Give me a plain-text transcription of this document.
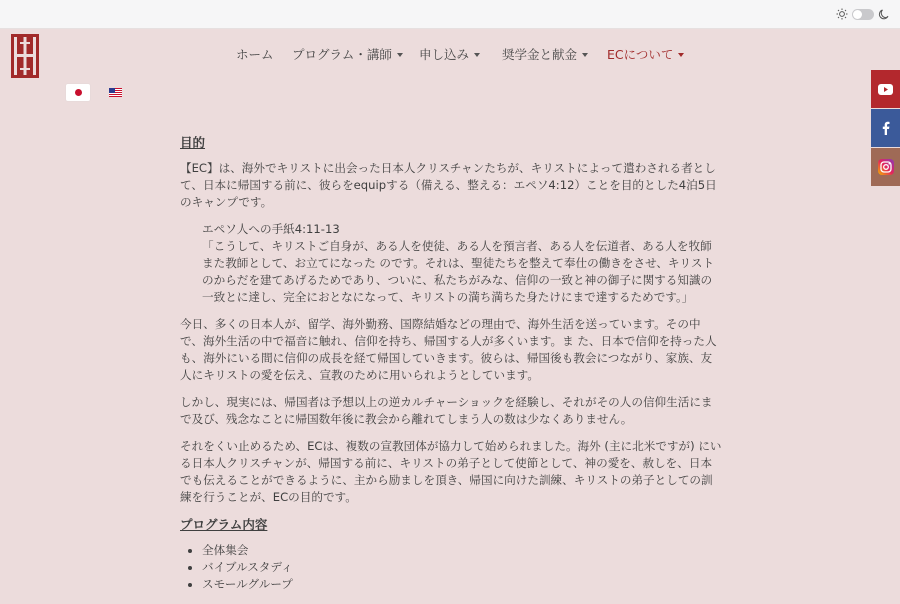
ホーム プログラム・講師	申し込み	奨学金と献金	ECについて

目的

【EC】は、海外でキリストに出会った日本人クリスチャンたちが、キリストによって遣わされる者として、日本に帰国する前に、彼らをequipする（備える、整える：エペソ4:12）ことを目的とした4泊5日のキャンプです。

エペソ人への手紙4:11-13
「こうして、キリストご自身が、ある人を使徒、ある人を預言者、ある人を伝道者、ある人を牧師また教師として、お立てになった のです。それは、聖徒たちを整えて奉仕の働きをさせ、キリストのからだを建てあげるためであり、ついに、私たちがみな、信仰の一致と神の御子に関する知識の一致とに達し、完全におとなになって、キリストの満ち満ちた身たけにまで達するためです。」

今日、多くの日本人が、留学、海外勤務、国際結婚などの理由で、海外生活を送っています。その中で、海外生活の中で福音に触れ、信仰を持ち、帰国する人が多くいます。ま た、日本で信仰を持った人も、海外にいる間に信仰の成長を経て帰国していきます。彼らは、帰国後も教会につながり、家族、友人にキリストの愛を伝え、宣教のために用いられようとしています。

しかし、現実には、帰国者は予想以上の逆カルチャーショックを経験し、それがその人の信仰生活にまで及び、残念なことに帰国数年後に教会から離れてしまう人の数は少なくありません。

それをくい止めるため、ECは、複数の宣教団体が協力して始められました。海外 (主に北米ですが) にいる日本人クリスチャンが、帰国する前に、キリストの弟子として使節として、神の愛を、赦しを、日本でも伝えることができるように、主から励ましを頂き、帰国に向けた訓練、キリストの弟子としての訓練を行うことが、ECの目的です。

プログラム内容

• 全体集会
• バイブルスタディ
• スモールグループ
